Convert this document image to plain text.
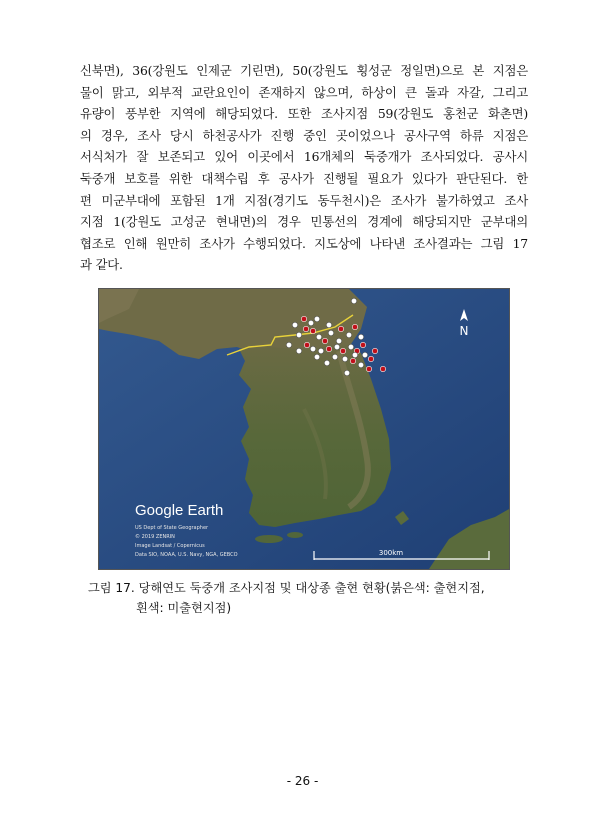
신북면), 36(강원도 인제군 기린면), 50(강원도 횡성군 정일면)으로 본 지점은
물이 맑고, 외부적 교란요인이 존재하지 않으며, 하상이 큰 돌과 자갈, 그리고
유량이 풍부한 지역에 해당되었다. 또한 조사지점 59(강원도 홍천군 화촌면)
의 경우, 조사 당시 하천공사가 진행 중인 곳이었으나 공사구역 하류 지점은
서식처가 잘 보존되고 있어 이곳에서 16개체의 둑중개가 조사되었다. 공사시
둑중개 보호를 위한 대책수립 후 공사가 진행될 필요가 있다가 판단된다. 한
편 미군부대에 포함된 1개 지점(경기도 동두천시)은 조사가 불가하였고 조사
지점 1(강원도 고성군 현내면)의 경우 민통선의 경계에 해당되지만 군부대의
협조로 인해 원만히 조사가 수행되었다. 지도상에 나타낸 조사결과는 그림 17
과 같다.
N
Google Earth
US Dept of State Geographer
© 2019 ZENRIN
Image Landsat / Copernicus
Data SIO, NOAA, U.S. Navy, NGA, GEBCO	300km
그림 17. 당해연도 둑중개 조사지점 및 대상종 출현 현황(붉은색: 출현지점,
흰색: 미출현지점)
- 26 -
